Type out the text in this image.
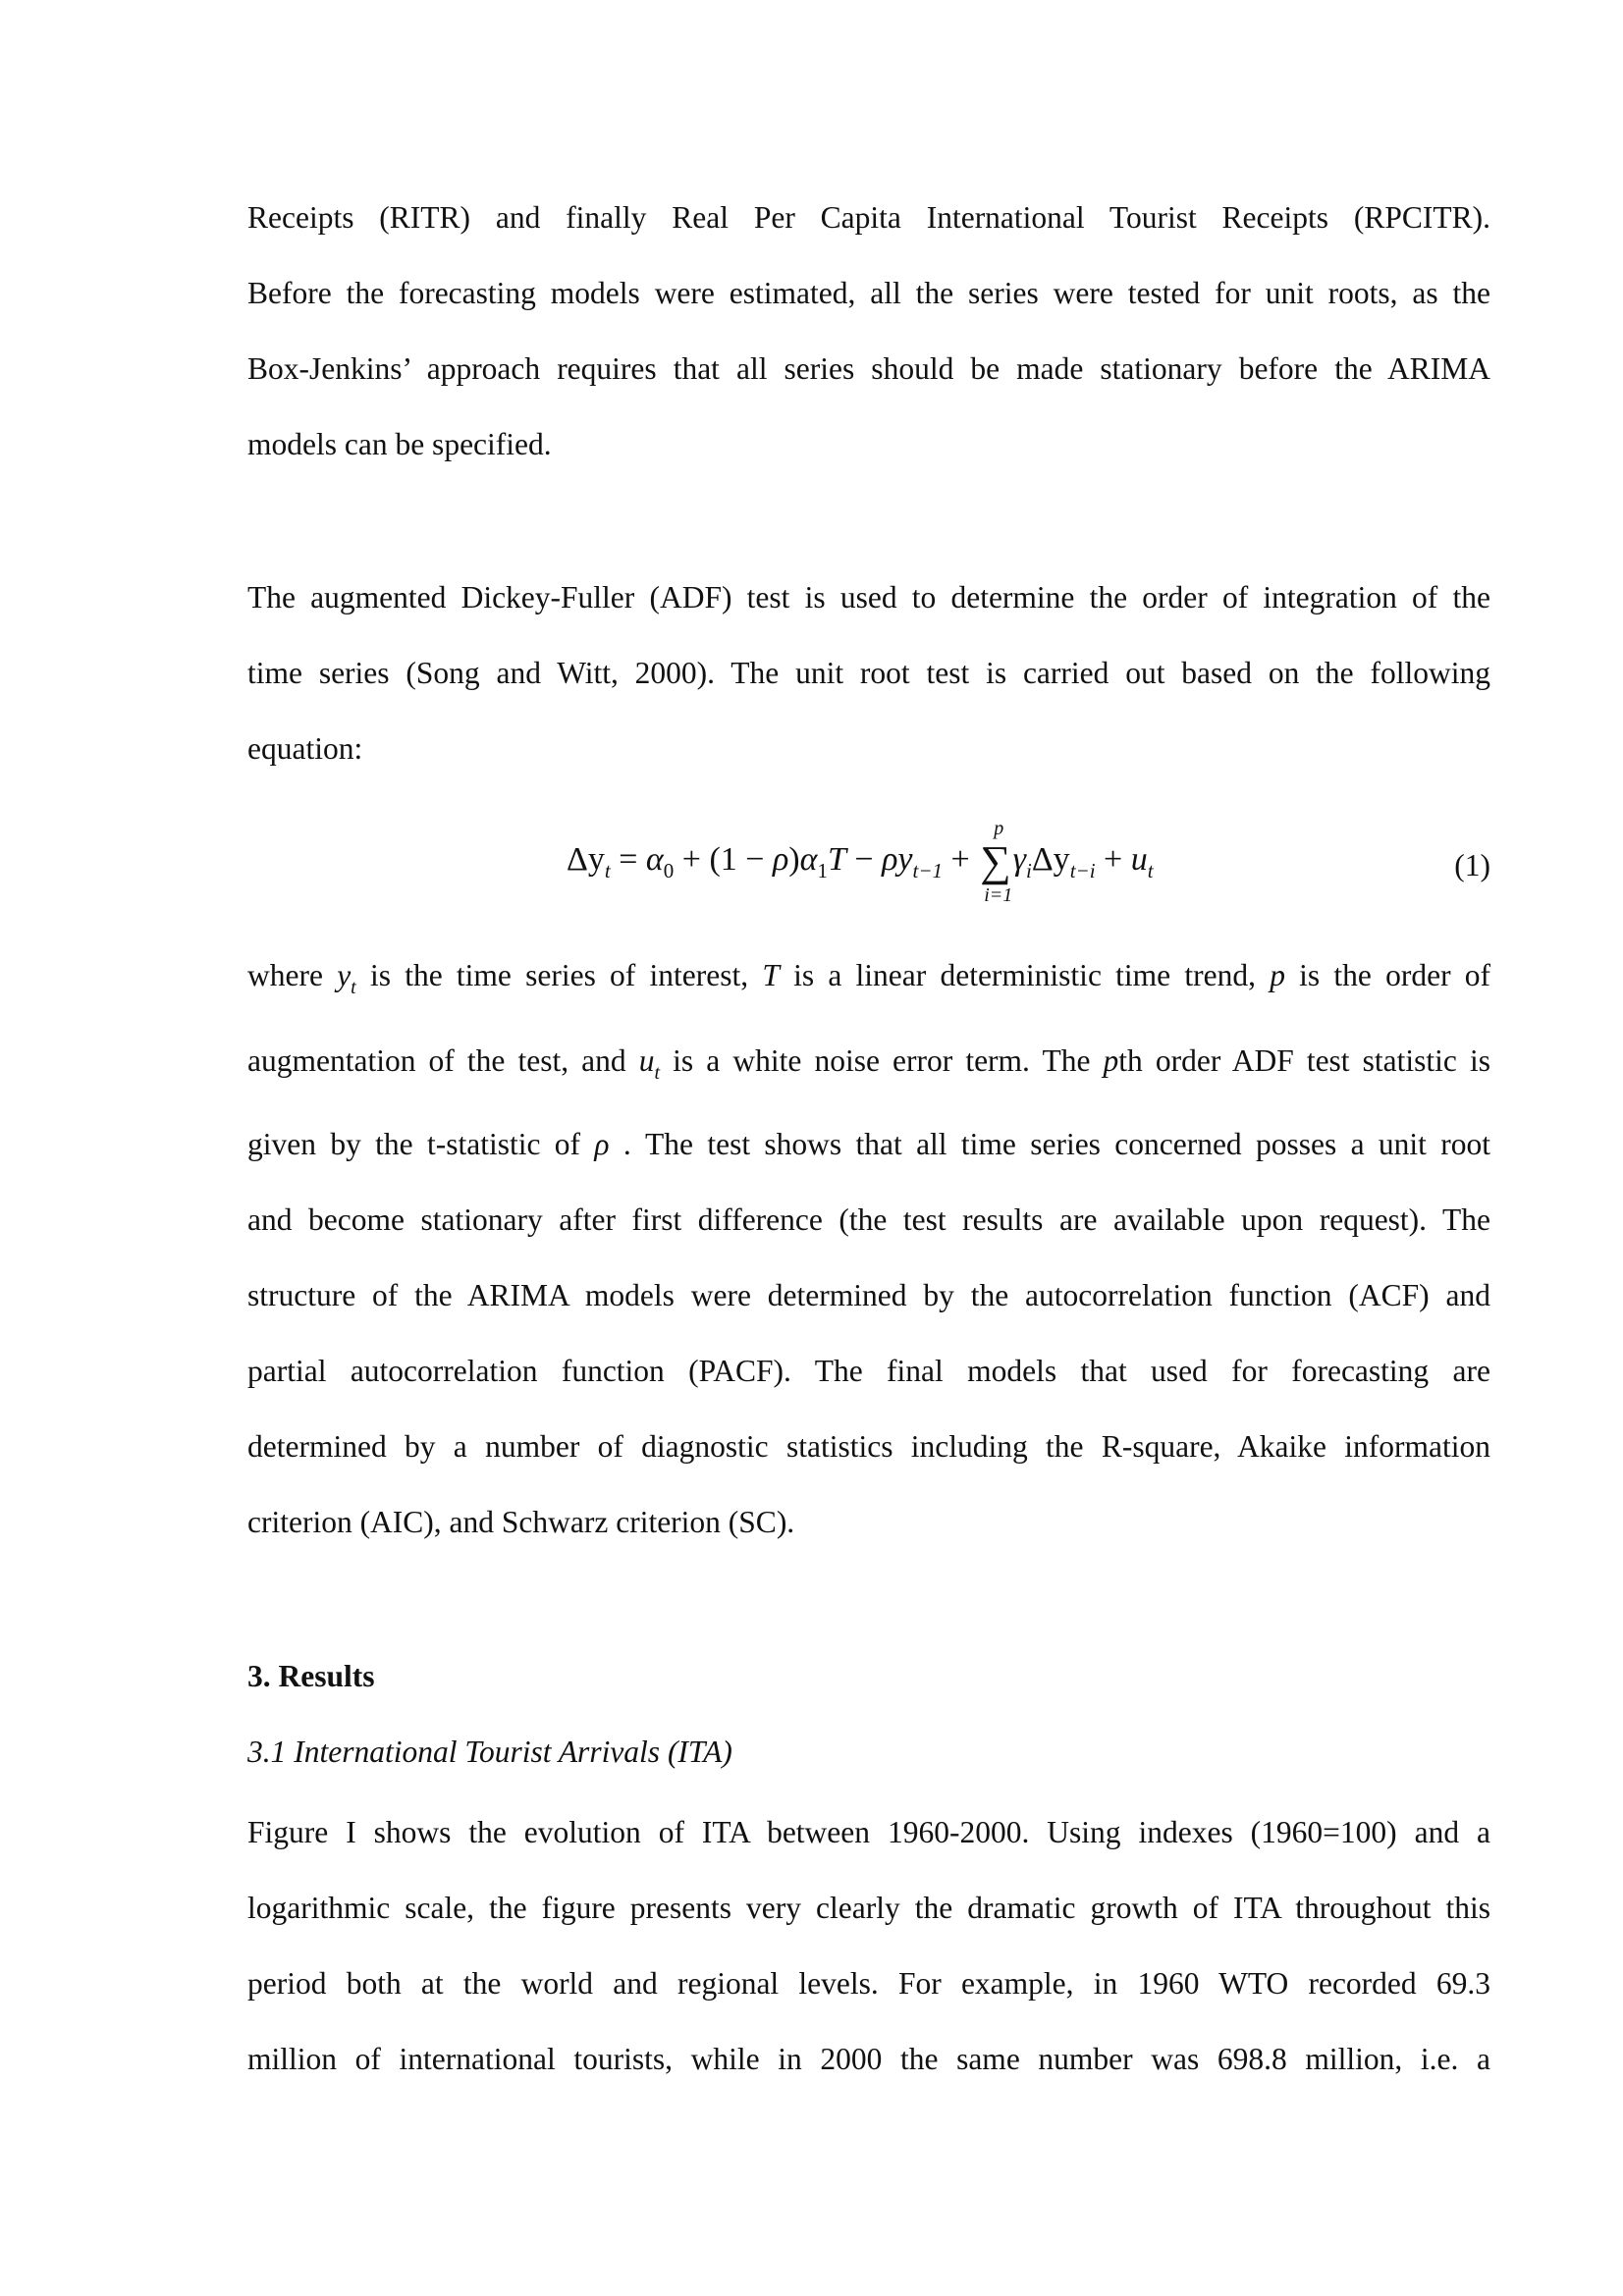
Receipts (RITR) and finally Real Per Capita International Tourist Receipts (RPCITR).
Before the forecasting models were estimated, all the series were tested for unit roots, as the
Box-Jenkins’ approach requires that all series should be made stationary before the ARIMA
models can be specified.
The augmented Dickey-Fuller (ADF) test is used to determine the order of integration of the
time series (Song and Witt, 2000). The unit root test is carried out based on the following
equation:
$\Delta y_t = \alpha_0 + (1 - \rho)\alpha_1T - \rho y_{t-1}$ + ∑
p
i=1
$\gamma_i\Delta y_{t-i} + u_t$	(1)
where $y_t$ is the time series of interest, T is a linear deterministic time trend, p is the order of
augmentation of the test, and $u_t$ is a white noise error term. The pth order ADF test statistic is
given by the t-statistic of ρ . The test shows that all time series concerned posses a unit root
and become stationary after first difference (the test results are available upon request). The
structure of the ARIMA models were determined by the autocorrelation function (ACF) and
partial autocorrelation function (PACF). The final models that used for forecasting are
determined by a number of diagnostic statistics including the R-square, Akaike information
criterion (AIC), and Schwarz criterion (SC).
3. Results
3.1 International Tourist Arrivals (ITA)
Figure I shows the evolution of ITA between 1960-2000. Using indexes (1960=100) and a
logarithmic scale, the figure presents very clearly the dramatic growth of ITA throughout this
period both at the world and regional levels. For example, in 1960 WTO recorded 69.3
million of international tourists, while in 2000 the same number was 698.8 million, i.e. a
